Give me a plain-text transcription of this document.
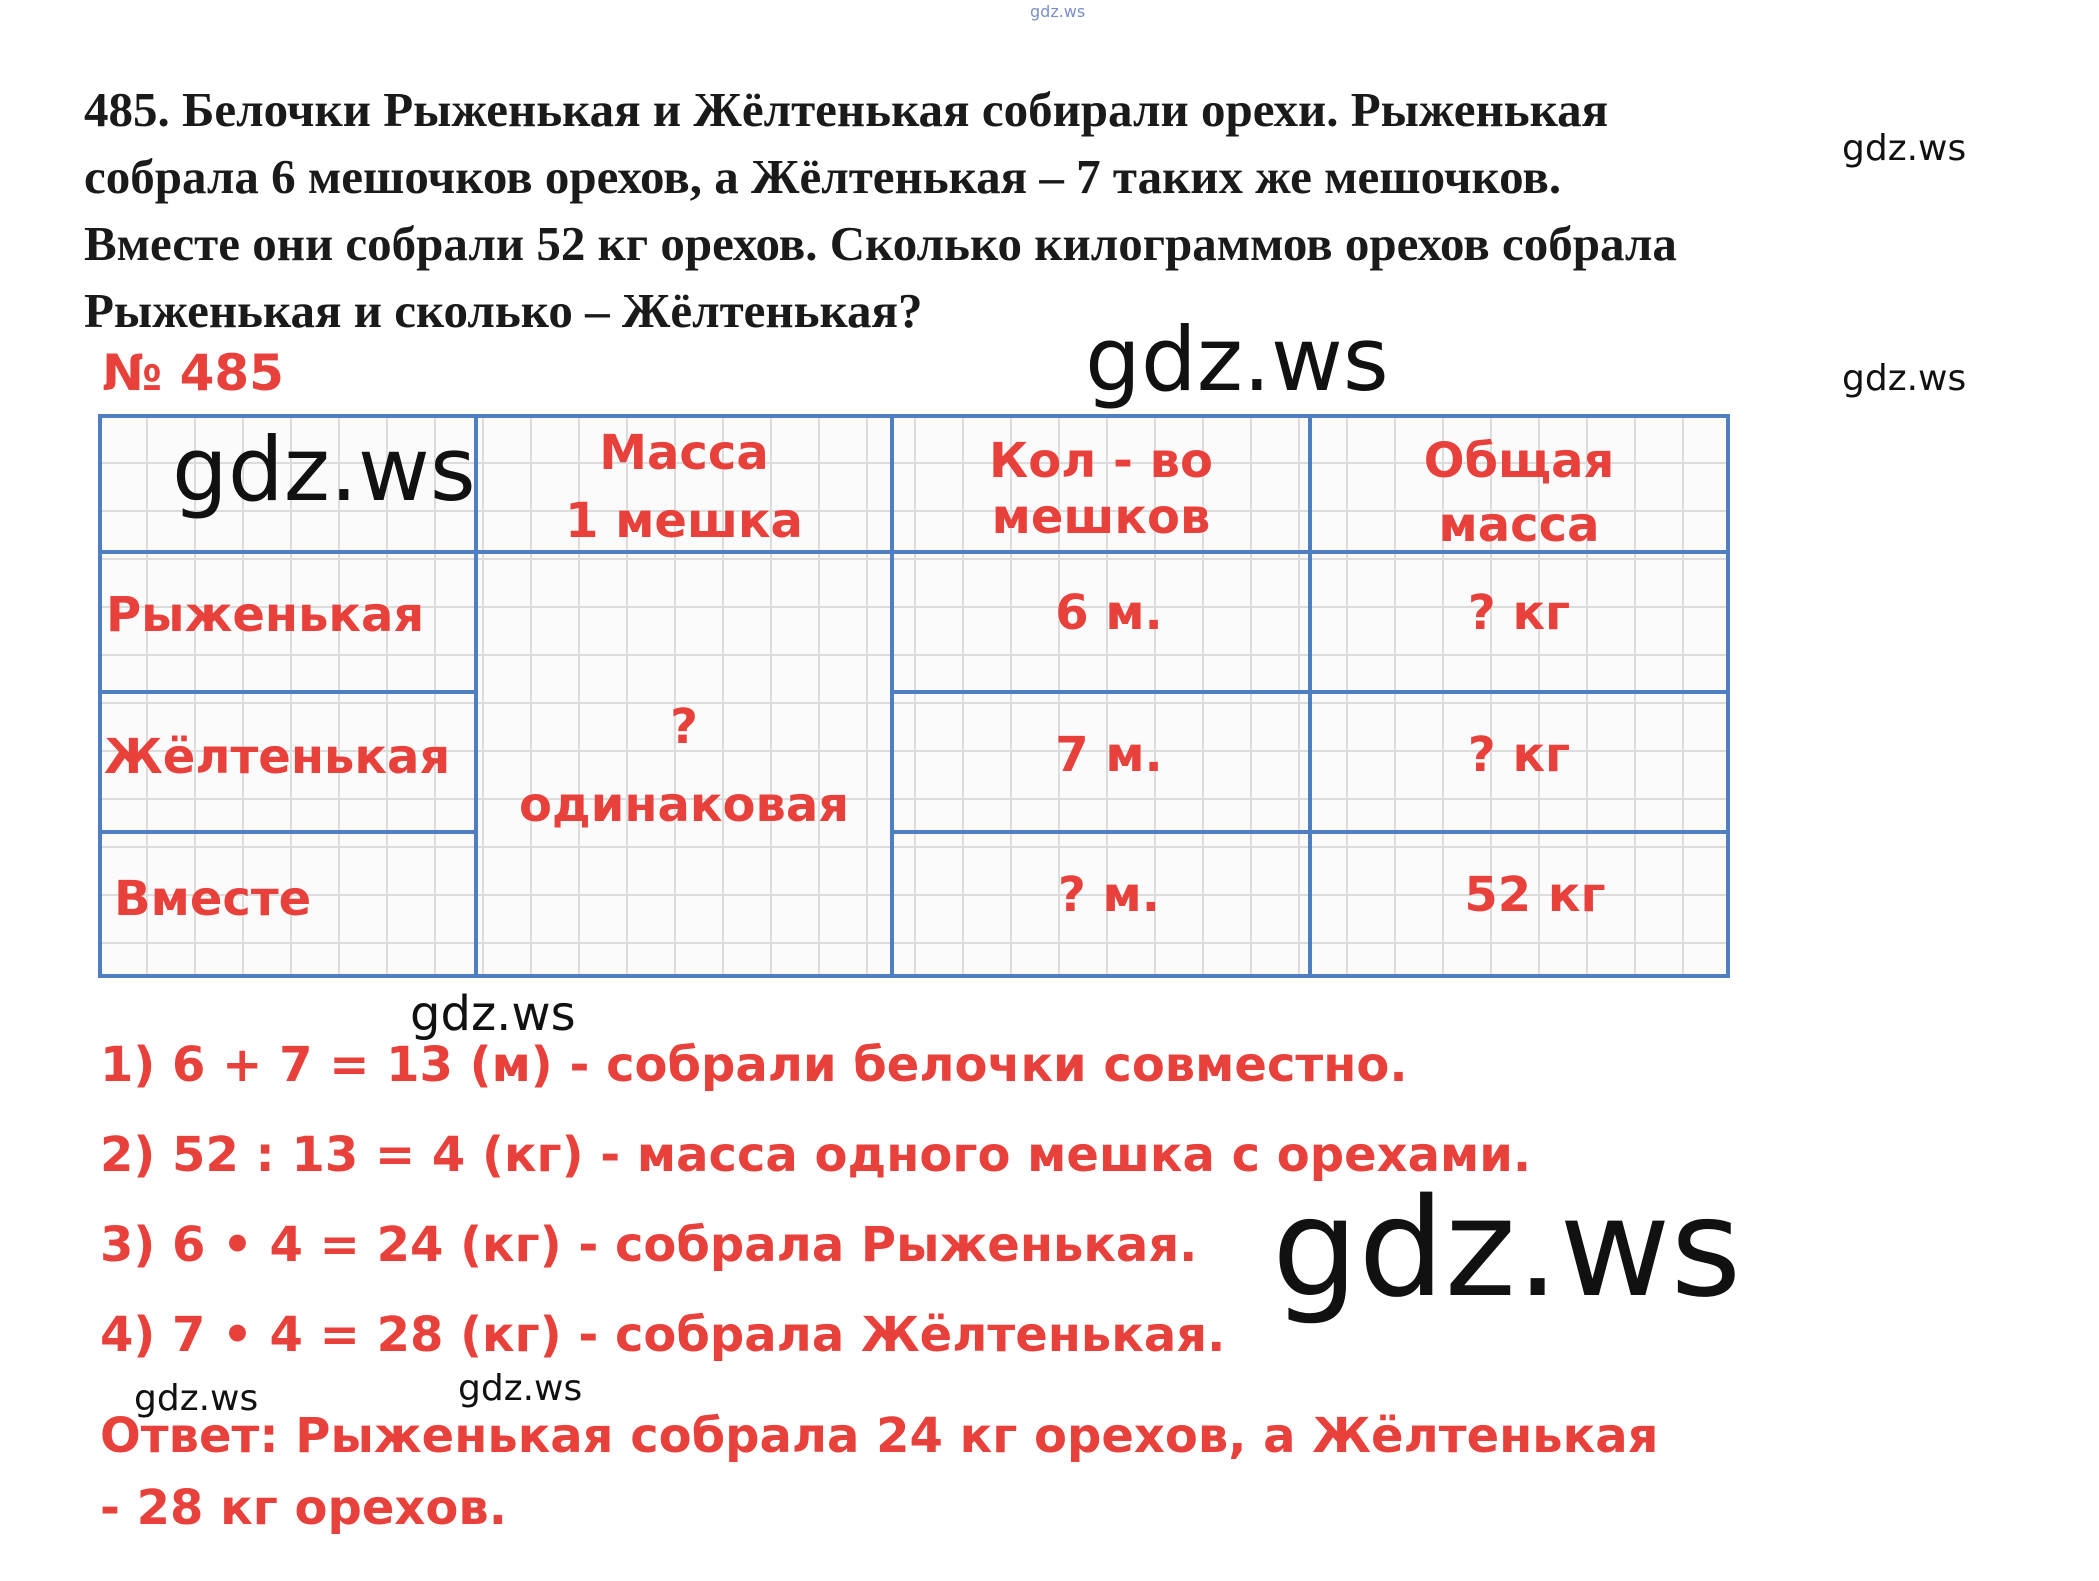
gdz.ws
gdz.ws
gdz.ws	gdz.ws
485. Белочки Рыженькая и Жёлтенькая собирали орехи. Рыженькая
собрала 6 мешочков орехов, а Жёлтенькая – 7 таких же мешочков.
Вместе они собрали 52 кг орехов. Сколько килограммов орехов собрала
Рыженькая и сколько – Жёлтенькая?
№ 485
Масса
1 мешка
Кол - во
мешков
Общая
масса
Рыженькая
Жёлтенькая
Вместе
?
одинаковая
6 м.
7 м.
? м.
? кг
? кг
52 кг
gdz.ws
gdz.ws
1) 6 + 7 = 13 (м) - собрали белочки совместно.
2) 52 : 13 = 4 (кг) - масса одного мешка с орехами.
3) 6 • 4 = 24 (кг) - собрала Рыженькая.
4) 7 • 4 = 28 (кг) - собрала Жёлтенькая.
gdz.ws
gdz.ws	gdz.ws
Ответ: Рыженькая собрала 24 кг орехов, а Жёлтенькая
- 28 кг орехов.
